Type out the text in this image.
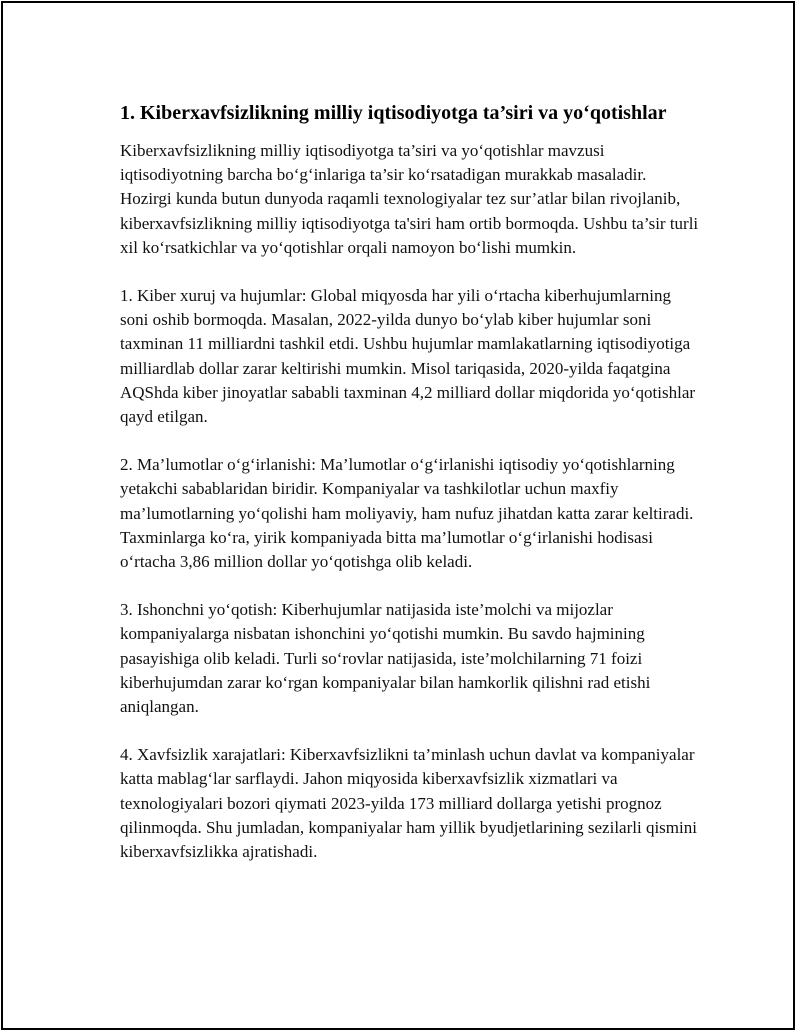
1. Kiberxavfsizlikning milliy iqtisodiyotga ta’siri va yo‘qotishlar

Kiberxavfsizlikning milliy iqtisodiyotga ta’siri va yo‘qotishlar mavzusi iqtisodiyotning barcha bo‘g‘inlariga ta’sir ko‘rsatadigan murakkab masaladir. Hozirgi kunda butun dunyoda raqamli texnologiyalar tez sur’atlar bilan rivojlanib, kiberxavfsizlikning milliy iqtisodiyotga ta'siri ham ortib bormoqda. Ushbu ta’sir turli xil ko‘rsatkichlar va yo‘qotishlar orqali namoyon bo‘lishi mumkin.

1. Kiber xuruj va hujumlar: Global miqyosda har yili o‘rtacha kiberhujumlarning soni oshib bormoqda. Masalan, 2022-yilda dunyo bo‘ylab kiber hujumlar soni taxminan 11 milliardni tashkil etdi. Ushbu hujumlar mamlakatlarning iqtisodiyotiga milliardlab dollar zarar keltirishi mumkin. Misol tariqasida, 2020-yilda faqatgina AQShda kiber jinoyatlar sababli taxminan 4,2 milliard dollar miqdorida yo‘qotishlar qayd etilgan.

2. Ma’lumotlar o‘g‘irlanishi: Ma’lumotlar o‘g‘irlanishi iqtisodiy yo‘qotishlarning yetakchi sabablaridan biridir. Kompaniyalar va tashkilotlar uchun maxfiy ma’lumotlarning yo‘qolishi ham moliyaviy, ham nufuz jihatdan katta zarar keltiradi. Taxminlarga ko‘ra, yirik kompaniyada bitta ma’lumotlar o‘g‘irlanishi hodisasi o‘rtacha 3,86 million dollar yo‘qotishga olib keladi.

3. Ishonchni yo‘qotish: Kiberhujumlar natijasida iste’molchi va mijozlar kompaniyalarga nisbatan ishonchini yo‘qotishi mumkin. Bu savdo hajmining pasayishiga olib keladi. Turli so‘rovlar natijasida, iste’molchilarning 71 foizi kiberhujumdan zarar ko‘rgan kompaniyalar bilan hamkorlik qilishni rad etishi aniqlangan.

4. Xavfsizlik xarajatlari: Kiberxavfsizlikni ta’minlash uchun davlat va kompaniyalar katta mablag‘lar sarflaydi. Jahon miqyosida kiberxavfsizlik xizmatlari va texnologiyalari bozori qiymati 2023-yilda 173 milliard dollarga yetishi prognoz qilinmoqda. Shu jumladan, kompaniyalar ham yillik byudjetlarining sezilarli qismini kiberxavfsizlikka ajratishadi.
